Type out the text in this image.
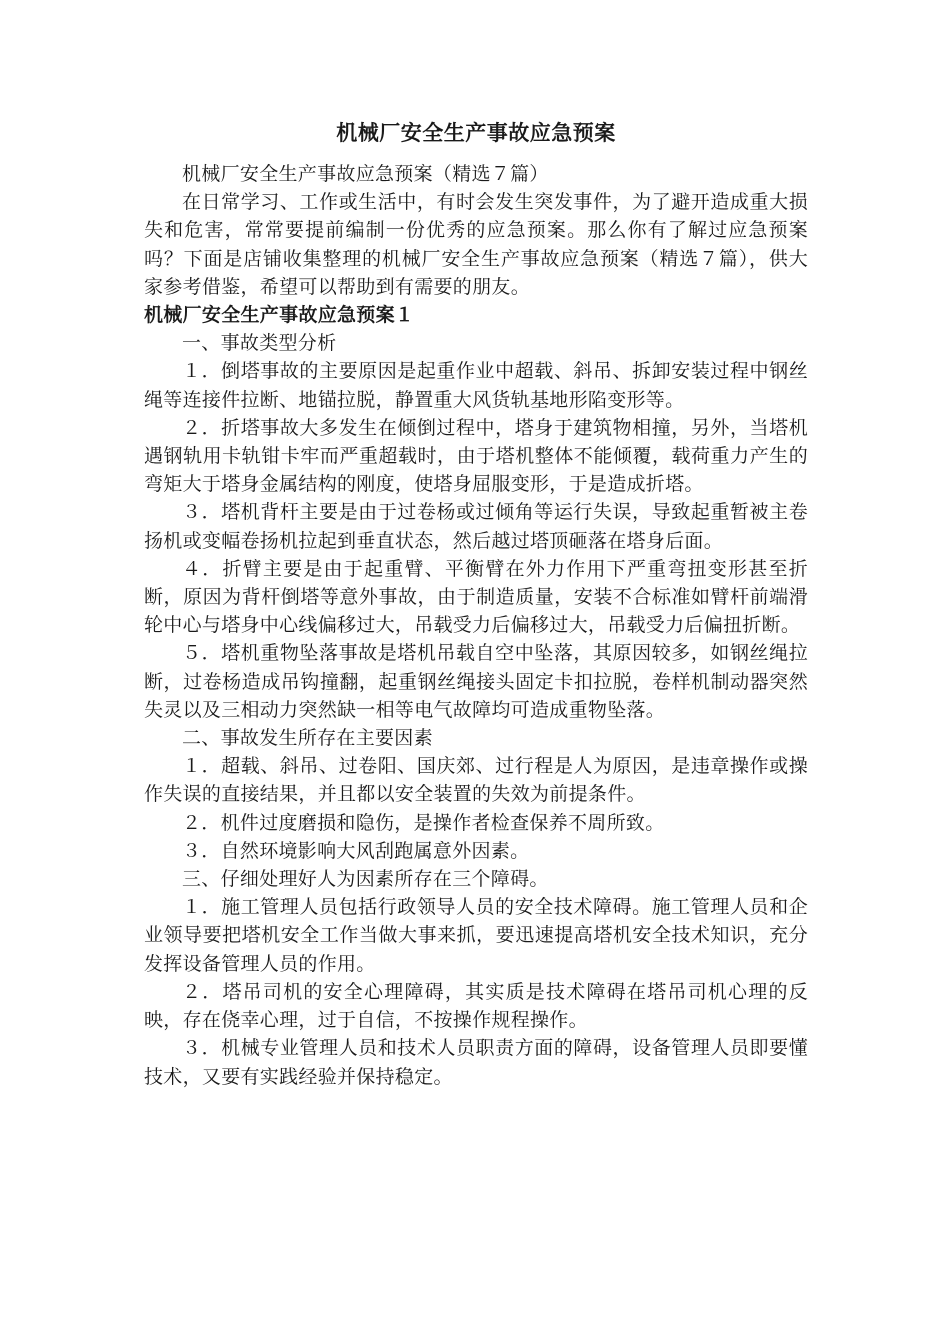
机械厂安全生产事故应急预案

机械厂安全生产事故应急预案（精选７篇）

在日常学习、工作或生活中，有时会发生突发事件，为了避开造成重大损失和危害，常常要提前编制一份优秀的应急预案。那么你有了解过应急预案吗？下面是店铺收集整理的机械厂安全生产事故应急预案（精选７篇），供大家参考借鉴，希望可以帮助到有需要的朋友。

机械厂安全生产事故应急预案１

一、事故类型分析

１．倒塔事故的主要原因是起重作业中超载、斜吊、拆卸安装过程中钢丝绳等连接件拉断、地锚拉脱，静置重大风货轨基地形陷变形等。

２．折塔事故大多发生在倾倒过程中，塔身于建筑物相撞，另外，当塔机遇钢轨用卡轨钳卡牢而严重超载时，由于塔机整体不能倾覆，载荷重力产生的弯矩大于塔身金属结构的刚度，使塔身屈服变形，于是造成折塔。

３．塔机背杆主要是由于过卷杨或过倾角等运行失误，导致起重暂被主卷扬机或变幅卷扬机拉起到垂直状态，然后越过塔顶砸落在塔身后面。

４．折臂主要是由于起重臂、平衡臂在外力作用下严重弯扭变形甚至折断，原因为背杆倒塔等意外事故，由于制造质量，安装不合标准如臂杆前端滑轮中心与塔身中心线偏移过大，吊载受力后偏移过大，吊载受力后偏扭折断。

５．塔机重物坠落事故是塔机吊载自空中坠落，其原因较多，如钢丝绳拉断，过卷杨造成吊钩撞翻，起重钢丝绳接头固定卡扣拉脱，卷样机制动器突然失灵以及三相动力突然缺一相等电气故障均可造成重物坠落。

二、事故发生所存在主要因素

１．超载、斜吊、过卷阳、国庆郊、过行程是人为原因，是违章操作或操作失误的直接结果，并且都以安全装置的失效为前提条件。

２．机件过度磨损和隐伤，是操作者检查保养不周所致。

３．自然环境影响大风刮跑属意外因素。

三、仔细处理好人为因素所存在三个障碍。

１．施工管理人员包括行政领导人员的安全技术障碍。施工管理人员和企业领导要把塔机安全工作当做大事来抓，要迅速提高塔机安全技术知识，充分发挥设备管理人员的作用。

２．塔吊司机的安全心理障碍，其实质是技术障碍在塔吊司机心理的反映，存在侥幸心理，过于自信，不按操作规程操作。

３．机械专业管理人员和技术人员职责方面的障碍，设备管理人员即要懂技术，又要有实践经验并保持稳定。
